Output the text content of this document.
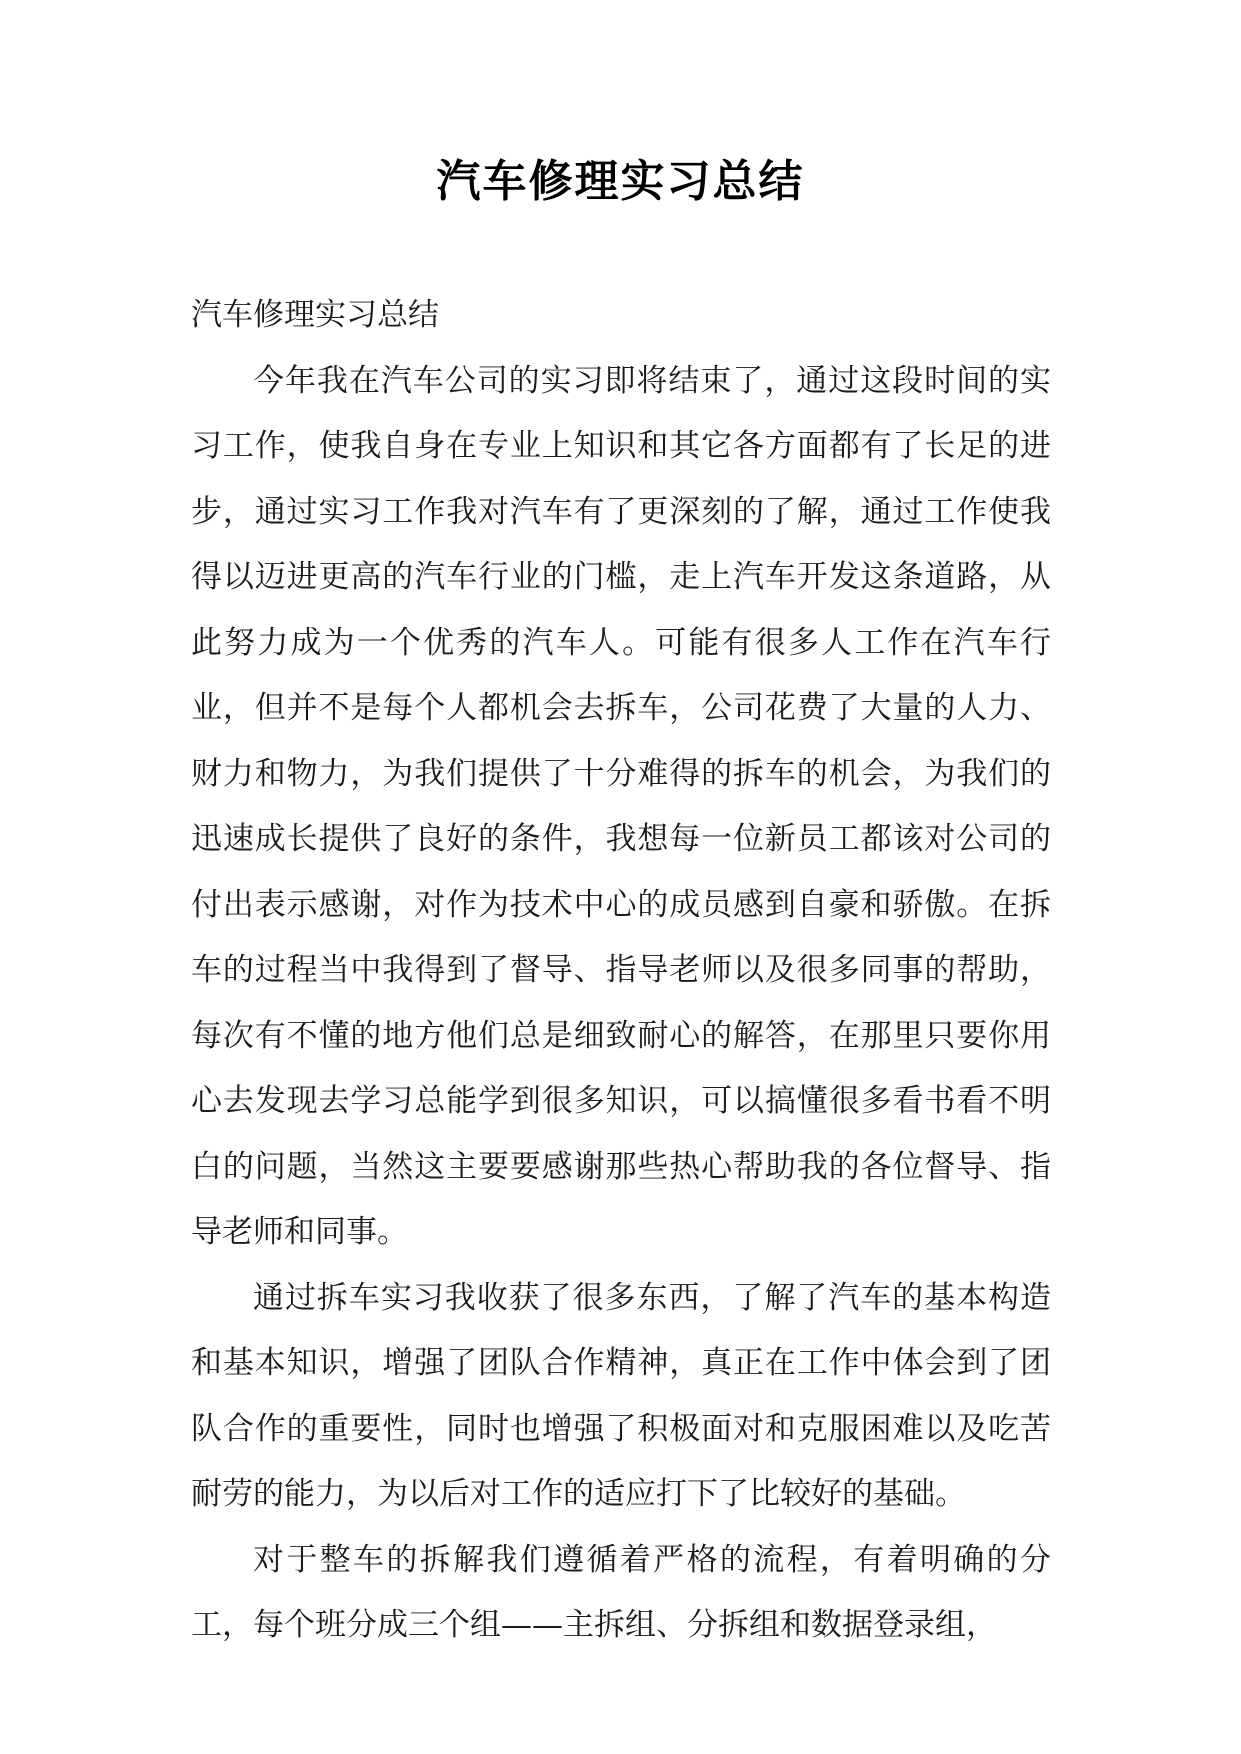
汽车修理实习总结

汽车修理实习总结

今年我在汽车公司的实习即将结束了，通过这段时间的实习工作，使我自身在专业上知识和其它各方面都有了长足的进步，通过实习工作我对汽车有了更深刻的了解，通过工作使我得以迈进更高的汽车行业的门槛，走上汽车开发这条道路，从此努力成为一个优秀的汽车人。可能有很多人工作在汽车行业，但并不是每个人都机会去拆车，公司花费了大量的人力、财力和物力，为我们提供了十分难得的拆车的机会，为我们的迅速成长提供了良好的条件，我想每一位新员工都该对公司的付出表示感谢，对作为技术中心的成员感到自豪和骄傲。在拆车的过程当中我得到了督导、指导老师以及很多同事的帮助，每次有不懂的地方他们总是细致耐心的解答，在那里只要你用心去发现去学习总能学到很多知识，可以搞懂很多看书看不明白的问题，当然这主要要感谢那些热心帮助我的各位督导、指导老师和同事。

通过拆车实习我收获了很多东西，了解了汽车的基本构造和基本知识，增强了团队合作精神，真正在工作中体会到了团队合作的重要性，同时也增强了积极面对和克服困难以及吃苦耐劳的能力，为以后对工作的适应打下了比较好的基础。

对于整车的拆解我们遵循着严格的流程，有着明确的分工，每个班分成三个组——主拆组、分拆组和数据登录组，
